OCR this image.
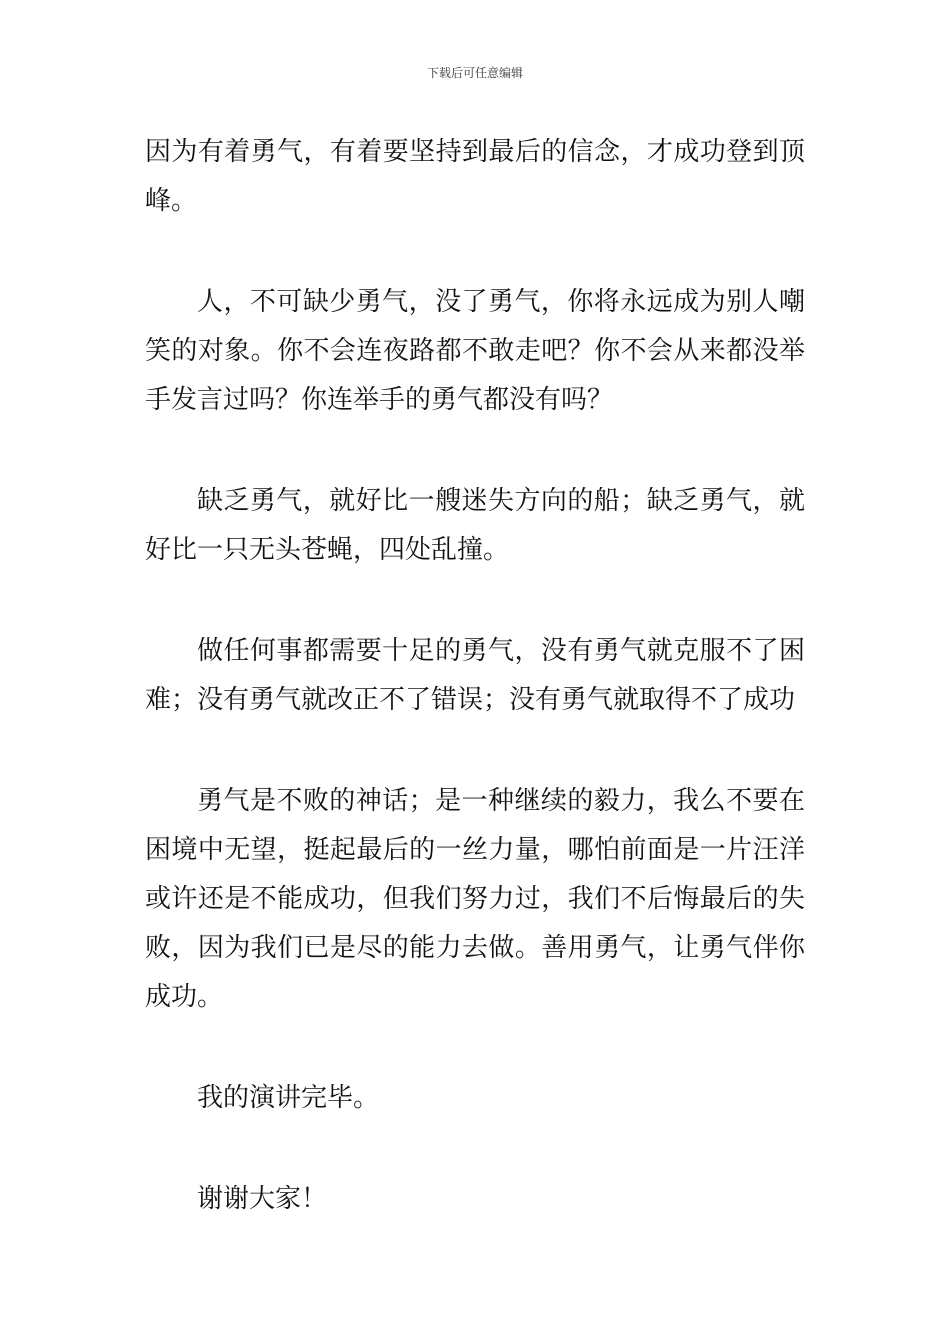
下载后可任意编辑

因为有着勇气，有着要坚持到最后的信念，才成功登到顶峰。

人，不可缺少勇气，没了勇气，你将永远成为别人嘲笑的对象。你不会连夜路都不敢走吧？你不会从来都没举手发言过吗？你连举手的勇气都没有吗？

缺乏勇气，就好比一艘迷失方向的船；缺乏勇气，就好比一只无头苍蝇，四处乱撞。

做任何事都需要十足的勇气，没有勇气就克服不了困难；没有勇气就改正不了错误；没有勇气就取得不了成功

勇气是不败的神话；是一种继续的毅力，我么不要在困境中无望，挺起最后的一丝力量，哪怕前面是一片汪洋或许还是不能成功，但我们努力过，我们不后悔最后的失败，因为我们已是尽的能力去做。善用勇气，让勇气伴你成功。

我的演讲完毕。

谢谢大家！
